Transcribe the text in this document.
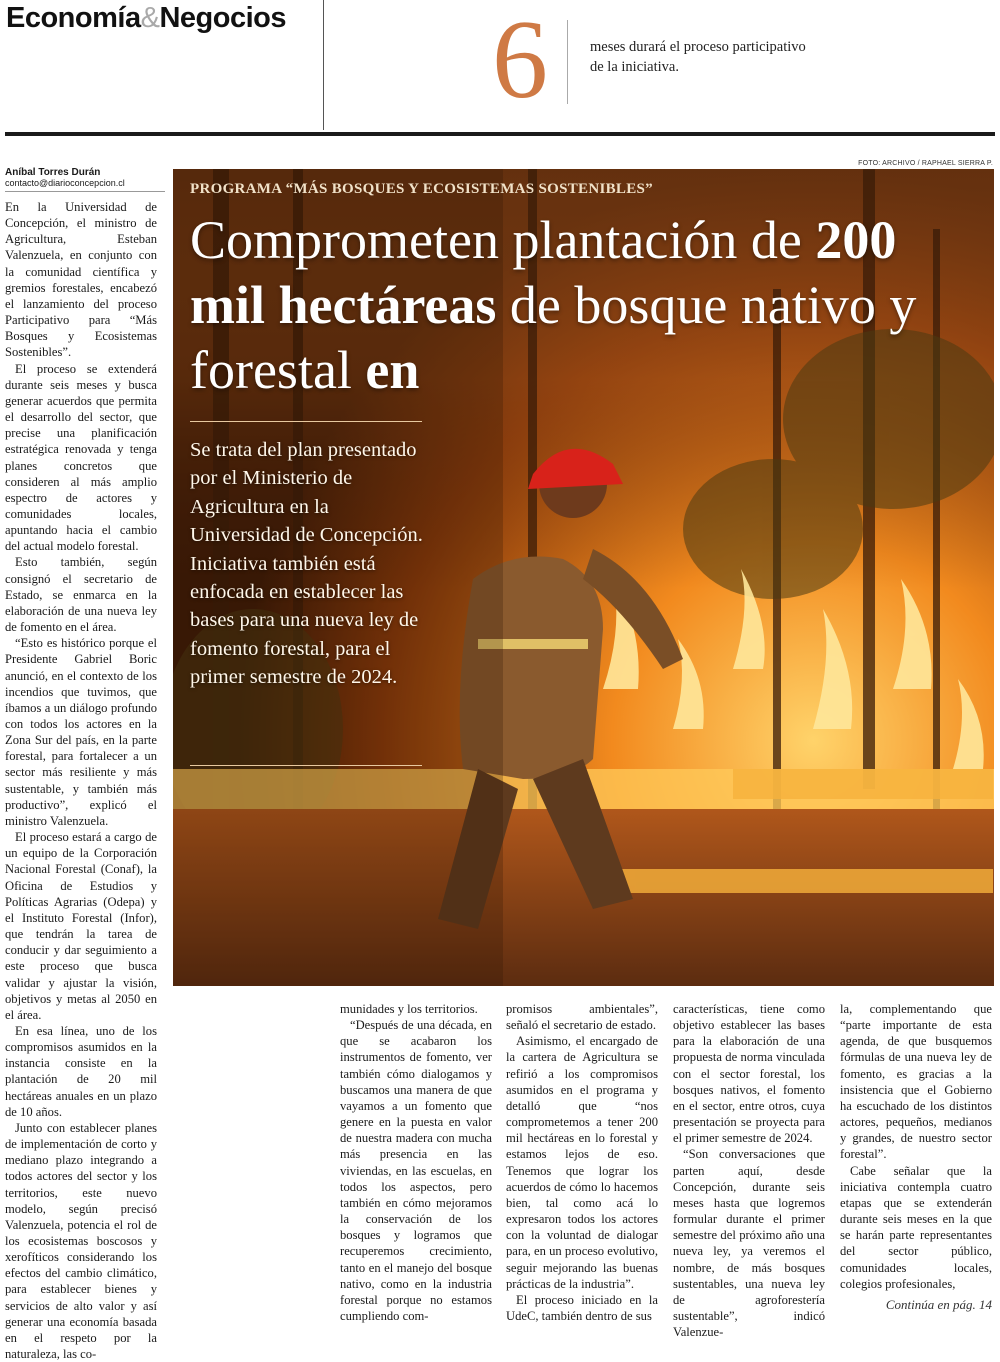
Economía&Negocios 6	meses durará el proceso participativo de la iniciativa.
Aníbal Torres Durán
contacto@diarioconcepcion.cl

En la Universidad de Concepción, el ministro de Agricultura, Esteban Valenzuela, en conjunto con la comunidad científica y gremios forestales, encabezó el lanzamiento del proceso Participativo para “Más Bosques y Ecosistemas Sostenibles”.

El proceso se extenderá durante seis meses y busca generar acuerdos que permita el desarrollo del sector, que precise una planificación estratégica renovada y tenga planes concretos que consideren al más amplio espectro de actores y comunidades locales, apuntando hacia el cambio del actual modelo forestal.

Esto también, según consignó el secretario de Estado, se enmarca en la elaboración de una nueva ley de fomento en el área.

“Esto es histórico porque el Presidente Gabriel Boric anunció, en el contexto de los incendios que tuvimos, que íbamos a un diálogo profundo con todos los actores en la Zona Sur del país, en la parte forestal, para fortalecer a un sector más resiliente y más sustentable, y también más productivo”, explicó el ministro Valenzuela.

El proceso estará a cargo de un equipo de la Corporación Nacional Forestal (Conaf), la Oficina de Estudios y Políticas Agrarias (Odepa) y el Instituto Forestal (Infor), que tendrán la tarea de conducir y dar seguimiento a este proceso que busca validar y ajustar la visión, objetivos y metas al 2050 en el área.

En esa línea, uno de los compromisos asumidos en la instancia consiste en la plantación de 20 mil hectáreas anuales en un plazo de 10 años.

Junto con establecer planes de implementación de corto y mediano plazo integrando a todos actores del sector y los territorios, este nuevo modelo, según precisó Valenzuela, potencia el rol de los ecosistemas boscosos y xerofíticos considerando los efectos del cambio climático, para establecer bienes y servicios de alto valor y así generar una economía basada en el respeto por la naturaleza, las co-

FOTO: ARCHIVO / RAPHAEL SIERRA P.
PROGRAMA “MÁS BOSQUES Y ECOSISTEMAS SOSTENIBLES”
Comprometen plantación de 200 mil hectáreas de bosque nativo y forestal en
Se trata del plan presentado por el Ministerio de Agricultura en la Universidad de Concepción. Iniciativa también está enfocada en establecer las bases para una nueva ley de fomento forestal, para el primer semestre de 2024.

munidades y los territorios.

“Después de una década, en que se acabaron los instrumentos de fomento, ver también cómo dialogamos y buscamos una manera de que vayamos a un fomento que genere en la puesta en valor de nuestra madera con mucha más presencia en las viviendas, en las escuelas, en todos los aspectos, pero también en cómo mejoramos la conservación de los bosques y logramos que recuperemos crecimiento, tanto en el manejo del bosque nativo, como en la industria forestal porque no estamos cumpliendo com-

promisos ambientales”, señaló el secretario de estado.

Asimismo, el encargado de la cartera de Agricultura se refirió a los compromisos asumidos en el programa y detalló que “nos comprometemos a tener 200 mil hectáreas en lo forestal y estamos lejos de eso. Tenemos que lograr los acuerdos de cómo lo hacemos bien, tal como acá lo expresaron todos los actores con la voluntad de dialogar para, en un proceso evolutivo, seguir mejorando las buenas prácticas de la industria”.

El proceso iniciado en la UdeC, también dentro de sus

características, tiene como objetivo establecer las bases para la elaboración de una propuesta de norma vinculada con el sector forestal, los bosques nativos, el fomento en el sector, entre otros, cuya presentación se proyecta para el primer semestre de 2024.

“Son conversaciones que parten aquí, desde Concepción, durante seis meses hasta que logremos formular durante el primer semestre del próximo año una nueva ley, ya veremos el nombre, de más bosques sustentables, una nueva ley de agroforestería sustentable”, indicó Valenzue-

la, complementando que “parte importante de esta agenda, de que busquemos fórmulas de una nueva ley de fomento, es gracias a la insistencia que el Gobierno ha escuchado de los distintos actores, pequeños, medianos y grandes, de nuestro sector forestal”.

Cabe señalar que la iniciativa contempla cuatro etapas que se extenderán durante seis meses en la que se harán parte representantes del sector público, comunidades locales, colegios profesionales,

Continúa en pág. 14
